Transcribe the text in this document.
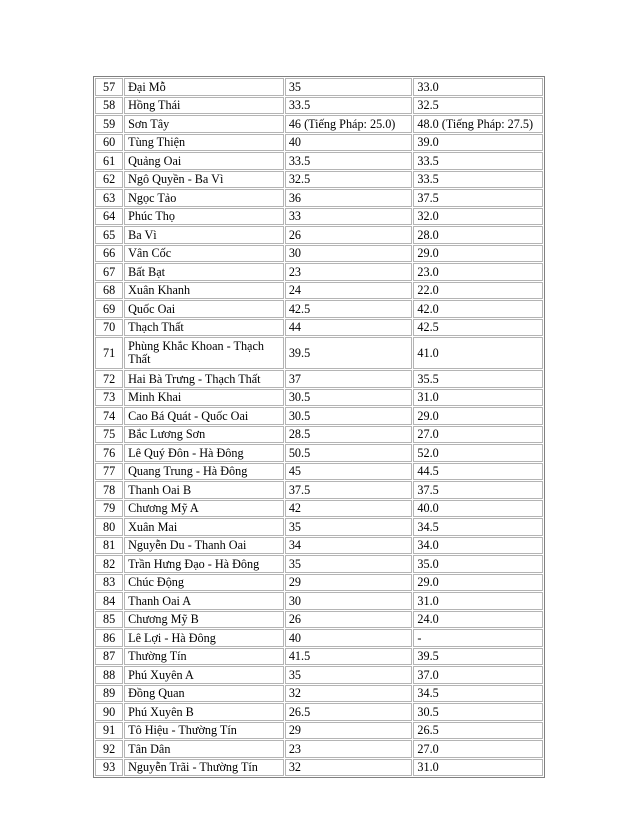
57	Đại Mỗ	35	33.0
58	Hồng Thái	33.5	32.5
59	Sơn Tây	46 (Tiếng Pháp: 25.0)	48.0 (Tiếng Pháp: 27.5)
60	Tùng Thiện	40	39.0
61	Quảng Oai	33.5	33.5
62	Ngô Quyền - Ba Vì	32.5	33.5
63	Ngọc Tảo	36	37.5
64	Phúc Thọ	33	32.0
65	Ba Vì	26	28.0
66	Vân Cốc	30	29.0
67	Bất Bạt	23	23.0
68	Xuân Khanh	24	22.0
69	Quốc Oai	42.5	42.0
70	Thạch Thất	44	42.5
71	Phùng Khắc Khoan - Thạch Thất	39.5	41.0
72	Hai Bà Trưng - Thạch Thất	37	35.5
73	Minh Khai	30.5	31.0
74	Cao Bá Quát - Quốc Oai	30.5	29.0
75	Bắc Lương Sơn	28.5	27.0
76	Lê Quý Đôn - Hà Đông	50.5	52.0
77	Quang Trung - Hà Đông	45	44.5
78	Thanh Oai B	37.5	37.5
79	Chương Mỹ A	42	40.0
80	Xuân Mai	35	34.5
81	Nguyễn Du - Thanh Oai	34	34.0
82	Trần Hưng Đạo - Hà Đông	35	35.0
83	Chúc Động	29	29.0
84	Thanh Oai A	30	31.0
85	Chương Mỹ B	26	24.0
86	Lê Lợi - Hà Đông	40	-
87	Thường Tín	41.5	39.5
88	Phú Xuyên A	35	37.0
89	Đồng Quan	32	34.5
90	Phú Xuyên B	26.5	30.5
91	Tô Hiệu - Thường Tín	29	26.5
92	Tân Dân	23	27.0
93	Nguyễn Trãi - Thường Tín	32	31.0
